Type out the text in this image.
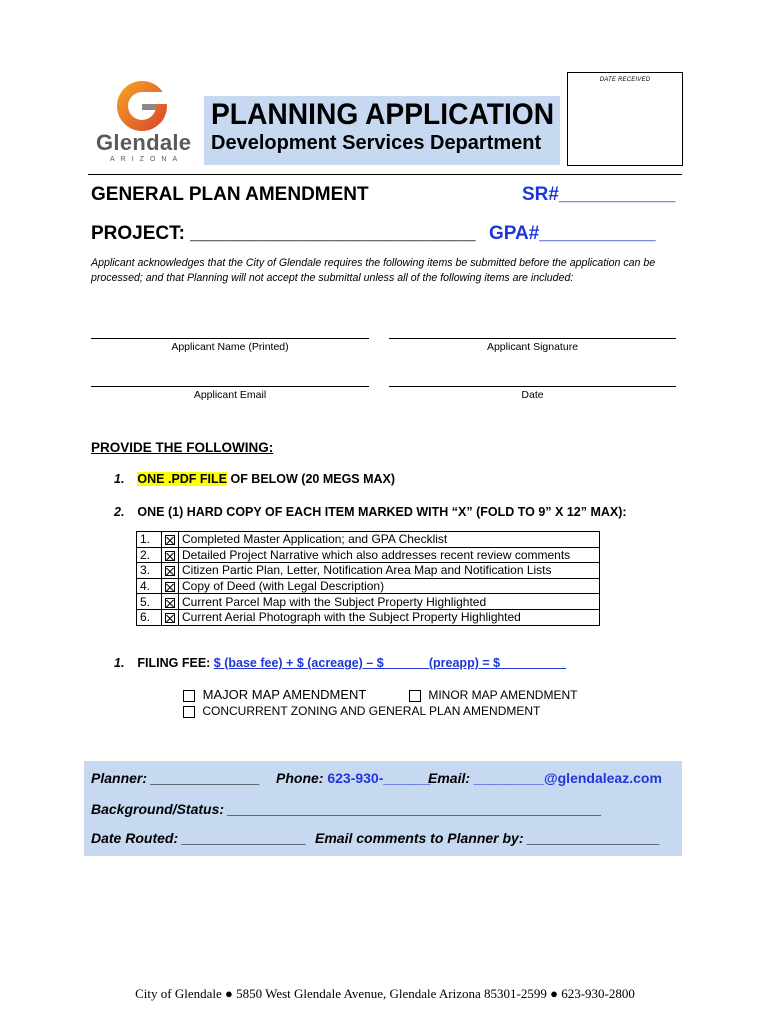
Glendale
ARIZONA
PLANNING APPLICATION
Development Services Department
DATE RECEIVED
GENERAL PLAN AMENDMENT	SR#___________
PROJECT: ___________________________ GPA#___________
Applicant acknowledges that the City of Glendale requires the following items be submitted before the application can be processed; and that Planning will not accept the submittal unless all of the following items are included:
Applicant Name (Printed)	Applicant Signature
Applicant Email	Date
PROVIDE THE FOLLOWING:
1. ONE .PDF FILE OF BELOW (20 MEGS MAX)
2. ONE (1) HARD COPY OF EACH ITEM MARKED WITH “X” (FOLD TO 9” X 12” MAX):
1.		Completed Master Application; and GPA Checklist
2.		Detailed Project Narrative which also addresses recent review comments
3.		Citizen Partic Plan, Letter, Notification Area Map and Notification Lists
4.		Copy of Deed (with Legal Description)
5.		Current Parcel Map with the Subject Property Highlighted
6.		Current Aerial Photograph with the Subject Property Highlighted
1. FILING FEE: $ (base fee) + $ (acreage) – $ ______(preapp) = $ _________
MAJOR MAP AMENDMENT	MINOR MAP AMENDMENT
CONCURRENT ZONING AND GENERAL PLAN AMENDMENT
Planner: ______________ Phone: 623-930-______
Email: _________@glendaleaz.com
Background/Status: ________________________________________________
Date Routed: ________________ Email comments to Planner by: _________________
City of Glendale ● 5850 West Glendale Avenue, Glendale Arizona 85301-2599 ● 623-930-2800
